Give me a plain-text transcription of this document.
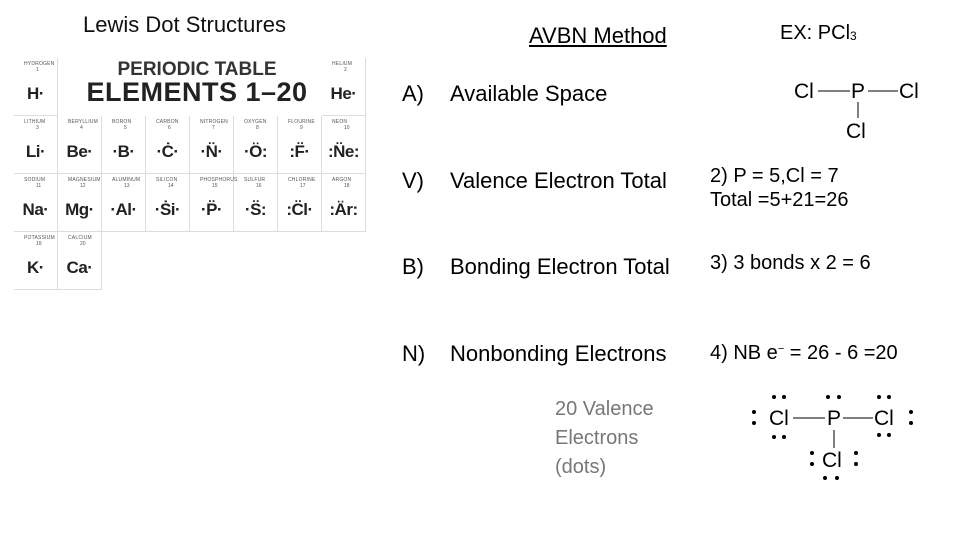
Lewis Dot Structures
PERIODIC TABLE
ELEMENTS 1–20
HYDROGEN
1
H·
HELIUM
2
He·
LITHIUM
3
Li·
BERYLLIUM
4
Be·
BORON
5
·B·
CARBON
6
·Ċ·
NITROGEN
7
·N̈·
OXYGEN
8
·Ö:
FLOURINE
9
:F̈·
NEON
10
:N̈e:
SODIUM
11
Na·
MAGNESIUM
12
Mg·
ALUMINUM
13
·Al·
SILICON
14
·Ṡi·
PHOSPHORUS
15
·P̈·
SULFUR
16
·S̈:
CHLORINE
17
:C̈l·
ARGON
18
:Är:
POTASSIUM
19
K·
CALCIUM
20
Ca·
AVBN Method	EX: PCl$_3$
A) Available Space
V) Valence Electron Total
B) Bonding Electron Total
N) Nonbonding Electrons
2) P = 5,Cl = 7
Total =5+21=26
3) 3 bonds x 2 = 6
4) NB e− = 26 - 6 =20
20 Valence
Electrons
(dots)
Cl P Cl
Cl
Cl P Cl
Cl
